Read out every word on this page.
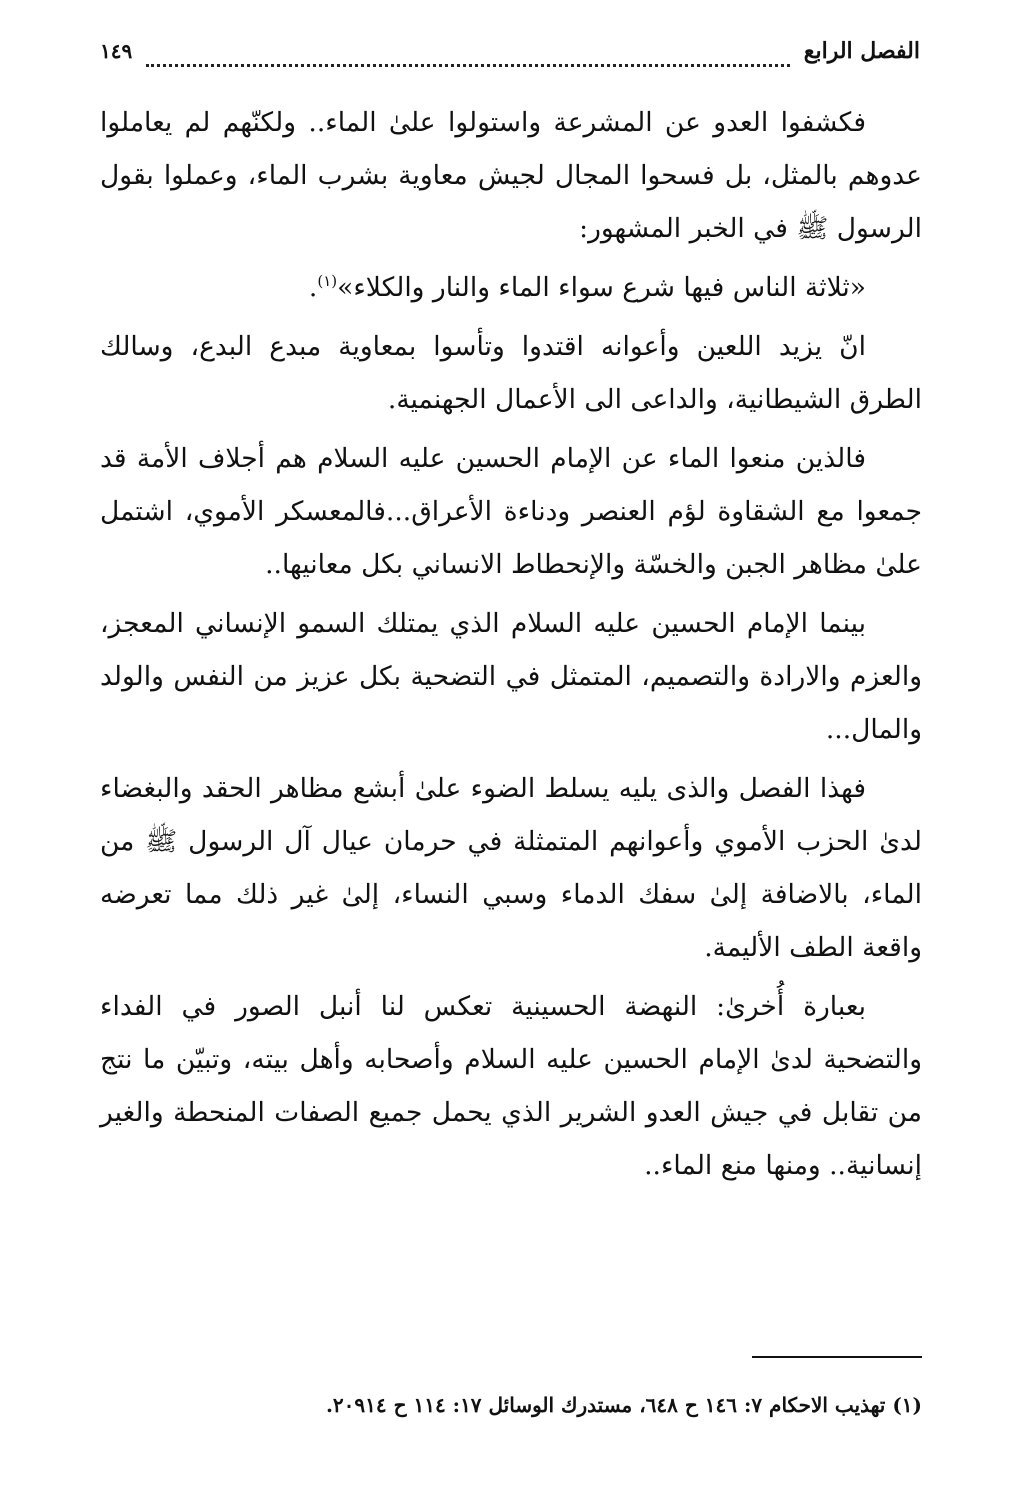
الفصل الرابع
١٤٩

فكشفوا العدو عن المشرعة واستولوا علىٰ الماء.. ولكنّهم لم يعاملوا عدوهم بالمثل، بل فسحوا المجال لجيش معاوية بشرب الماء، وعملوا بقول الرسول ﷺ في الخبر المشهور:

«ثلاثة الناس فيها شرع سواء الماء والنار والكلاء»$^{(١)}$.

انّ يزيد اللعين وأعوانه اقتدوا وتأسوا بمعاوية مبدع البدع، وسالك الطرق الشيطانية، والداعى الى الأعمال الجهنمية.

فالذين منعوا الماء عن الإمام الحسين عليه السلام هم أجلاف الأمة قد جمعوا مع الشقاوة لؤم العنصر ودناءة الأعراق...فالمعسكر الأموي، اشتمل علىٰ مظاهر الجبن والخسّة والإنحطاط الانساني بكل معانيها..

بينما الإمام الحسين عليه السلام الذي يمتلك السمو الإنساني المعجز، والعزم والارادة والتصميم، المتمثل في التضحية بكل عزيز من النفس والولد والمال...

فهذا الفصل والذى يليه يسلط الضوء علىٰ أبشع مظاهر الحقد والبغضاء لدىٰ الحزب الأموي وأعوانهم المتمثلة في حرمان عيال آل الرسول ﷺ من الماء، بالاضافة إلىٰ سفك الدماء وسبي النساء، إلىٰ غير ذلك مما تعرضه واقعة الطف الأليمة.

بعبارة أُخرىٰ: النهضة الحسينية تعكس لنا أنبل الصور في الفداء والتضحية لدىٰ الإمام الحسين عليه السلام وأصحابه وأهل بيته، وتبيّن ما نتج من تقابل في جيش العدو الشرير الذي يحمل جميع الصفات المنحطة والغير إنسانية.. ومنها منع الماء..

(١) تهذيب الاحكام ٧: ١٤٦ ح ٦٤٨، مستدرك الوسائل ١٧: ١١٤ ح ٢٠٩١٤.
